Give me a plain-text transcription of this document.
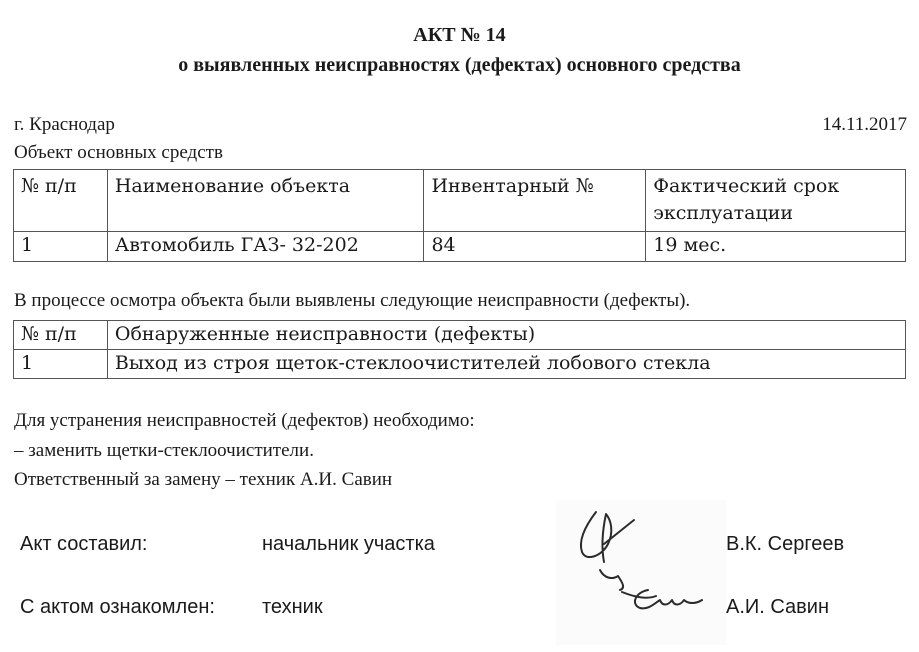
АКТ № 14
о выявленных неисправностях (дефектах) основного средства
г. Краснодар	14.11.2017
Объект основных средств
№ п/п	Наименование объекта	Инвентарный №	Фактический срок эксплуатации
1	Автомобиль ГАЗ- 32-202	84	19 мес.
В процессе осмотра объекта были выявлены следующие неисправности (дефекты).
№ п/п	Обнаруженные неисправности (дефекты)
1	Выход из строя щеток-стеклоочистителей лобового стекла
Для устранения неисправностей (дефектов) необходимо:
– заменить щетки-стеклоочистители.
Ответственный за замену – техник А.И. Савин
Акт составил:	начальник участка	В.К. Сергеев
С актом ознакомлен: техник	А.И. Савин
